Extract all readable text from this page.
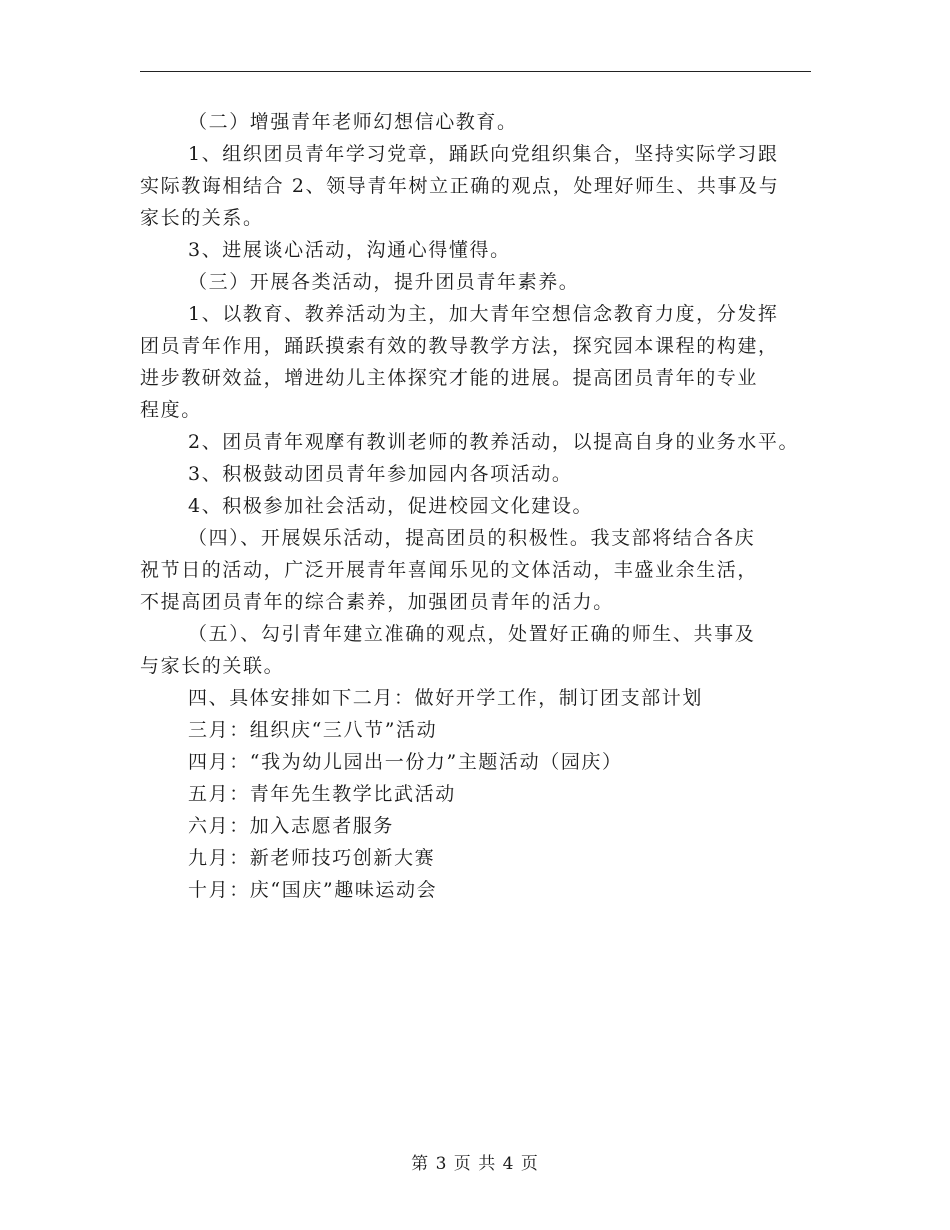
（二）增强青年老师幻想信心教育。
1、组织团员青年学习党章，踊跃向党组织集合，坚持实际学习跟
实际教诲相结合 2、领导青年树立正确的观点，处理好师生、共事及与
家长的关系。
3、进展谈心活动，沟通心得懂得。
（三）开展各类活动，提升团员青年素养。
1、以教育、教养活动为主，加大青年空想信念教育力度，分发挥
团员青年作用，踊跃摸索有效的教导教学方法，探究园本课程的构建，
进步教研效益，增进幼儿主体探究才能的进展。提高团员青年的专业
程度。
2、团员青年观摩有教训老师的教养活动，以提高自身的业务水平。
3、积极鼓动团员青年参加园内各项活动。
4、积极参加社会活动，促进校园文化建设。
（四）、开展娱乐活动，提高团员的积极性。我支部将结合各庆
祝节日的活动，广泛开展青年喜闻乐见的文体活动，丰盛业余生活，
不提高团员青年的综合素养，加强团员青年的活力。
（五）、勾引青年建立准确的观点，处置好正确的师生、共事及
与家长的关联。
四、具体安排如下二月：做好开学工作，制订团支部计划
三月：组织庆“三八节”活动
四月：“我为幼儿园出一份力”主题活动（园庆）
五月：青年先生教学比武活动
六月：加入志愿者服务
九月：新老师技巧创新大赛
十月：庆“国庆”趣味运动会
第 3 页 共 4 页
